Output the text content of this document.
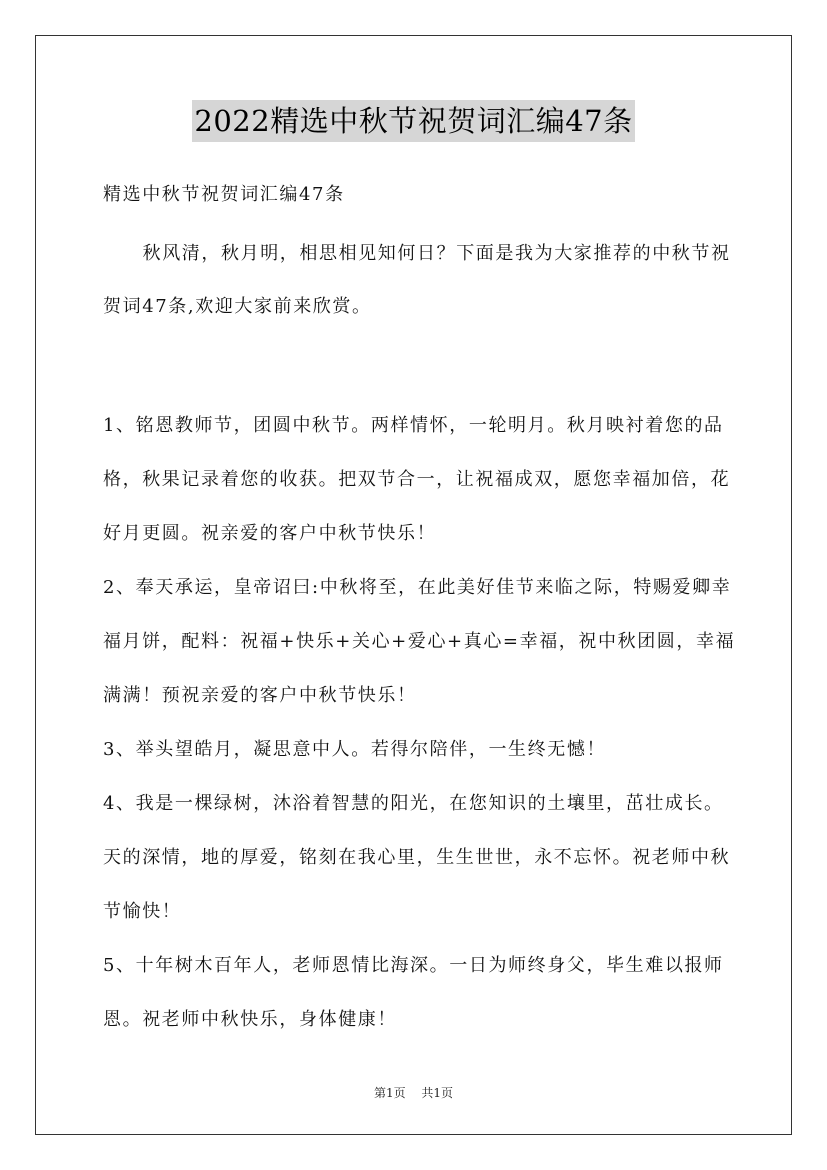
2022精选中秋节祝贺词汇编47条

精选中秋节祝贺词汇编47条

秋风清，秋月明，相思相见知何日？下面是我为大家推荐的中秋节祝贺词47条,欢迎大家前来欣赏。

1、铭恩教师节，团圆中秋节。两样情怀，一轮明月。秋月映衬着您的品格，秋果记录着您的收获。把双节合一，让祝福成双，愿您幸福加倍，花好月更圆。祝亲爱的客户中秋节快乐！

2、奉天承运，皇帝诏曰:中秋将至，在此美好佳节来临之际，特赐爱卿幸福月饼，配料：祝福+快乐+关心+爱心+真心=幸福，祝中秋团圆，幸福满满！预祝亲爱的客户中秋节快乐！

3、举头望皓月，凝思意中人。若得尔陪伴，一生终无憾！

4、我是一棵绿树，沐浴着智慧的阳光，在您知识的土壤里，茁壮成长。天的深情，地的厚爱，铭刻在我心里，生生世世，永不忘怀。祝老师中秋节愉快！

5、十年树木百年人，老师恩情比海深。一日为师终身父，毕生难以报师恩。祝老师中秋快乐，身体健康！

第1页 共1页
